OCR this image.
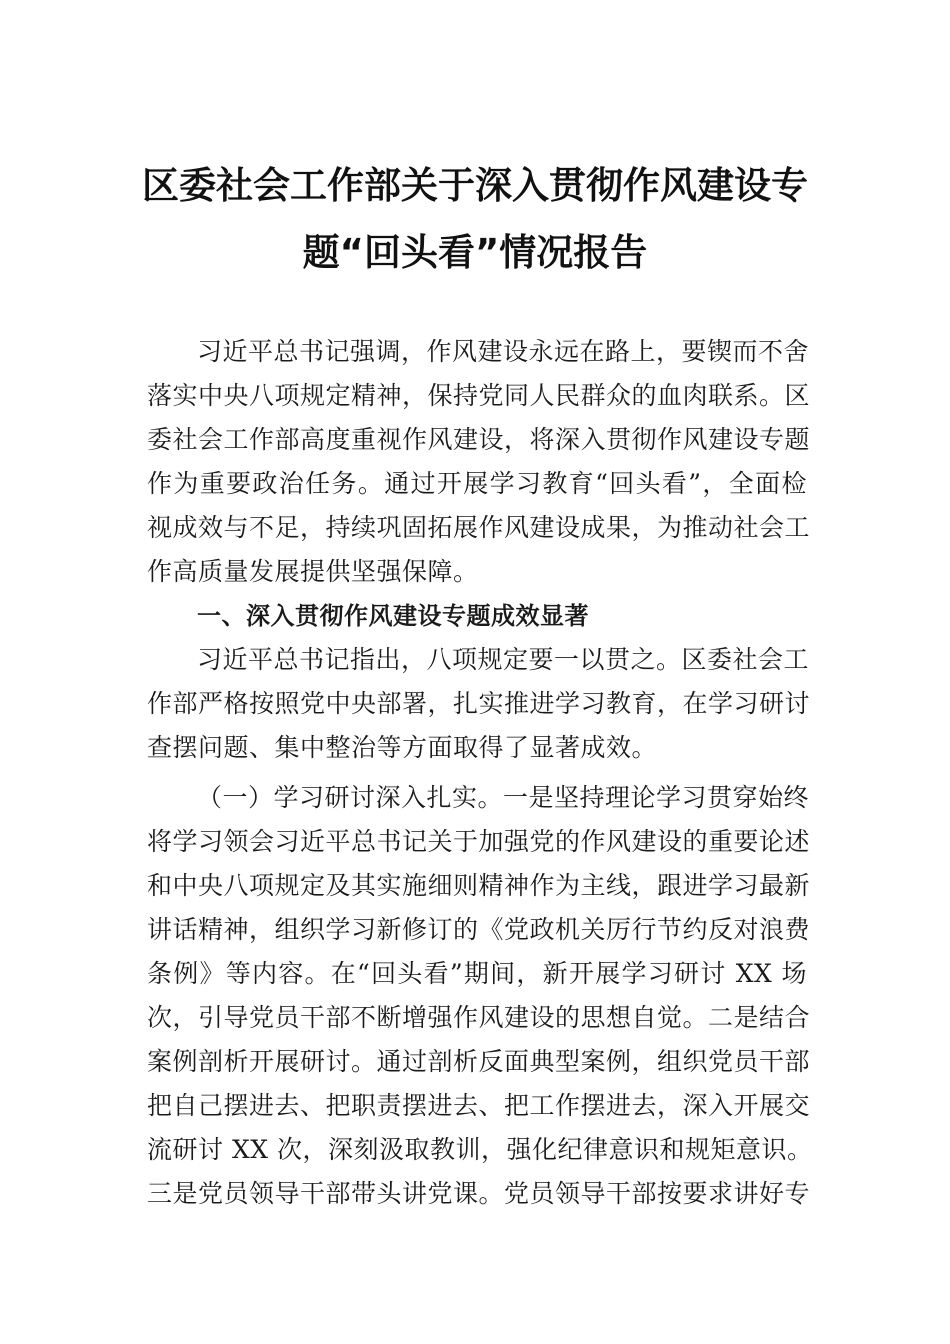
区委社会工作部关于深入贯彻作风建设专
题“回头看”情况报告
习近平总书记强调，作风建设永远在路上，要锲而不舍
落实中央八项规定精神，保持党同人民群众的血肉联系。区
委社会工作部高度重视作风建设，将深入贯彻作风建设专题
作为重要政治任务。通过开展学习教育“回头看”，全面检
视成效与不足，持续巩固拓展作风建设成果，为推动社会工
作高质量发展提供坚强保障。
一、深入贯彻作风建设专题成效显著
习近平总书记指出，八项规定要一以贯之。区委社会工
作部严格按照党中央部署，扎实推进学习教育，在学习研讨
查摆问题、集中整治等方面取得了显著成效。
（一）学习研讨深入扎实。一是坚持理论学习贯穿始终
将学习领会习近平总书记关于加强党的作风建设的重要论述
和中央八项规定及其实施细则精神作为主线，跟进学习最新
讲话精神，组织学习新修订的《党政机关厉行节约反对浪费
条例》等内容。在“回头看”期间，新开展学习研讨 XX 场
次，引导党员干部不断增强作风建设的思想自觉。二是结合
案例剖析开展研讨。通过剖析反面典型案例，组织党员干部
把自己摆进去、把职责摆进去、把工作摆进去，深入开展交
流研讨 XX 次，深刻汲取教训，强化纪律意识和规矩意识。
三是党员领导干部带头讲党课。党员领导干部按要求讲好专
